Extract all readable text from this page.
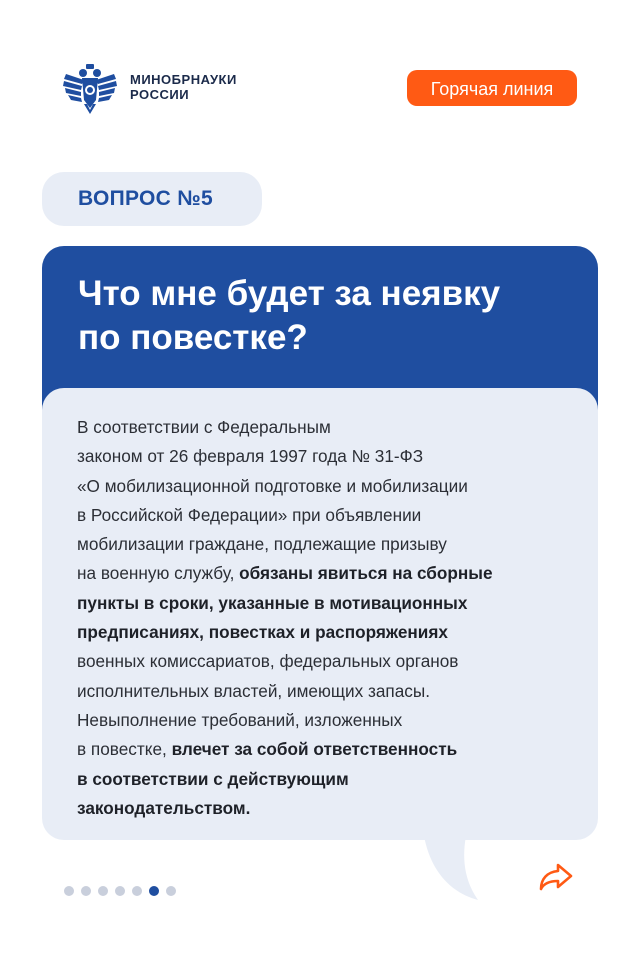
МИНОБРНАУКИ
РОССИИ	Горячая линия
ВОПРОС №5
Что мне будет за неявку
по повестке?
В соответствии с Федеральным
законом от 26 февраля 1997 года № 31-ФЗ
«О мобилизационной подготовке и мобилизации
в Российской Федерации» при объявлении
мобилизации граждане, подлежащие призыву
на военную службу, обязаны явиться на сборные
пункты в сроки, указанные в мотивационных
предписаниях, повестках и распоряжениях
военных комиссариатов, федеральных органов
исполнительных властей, имеющих запасы.
Невыполнение требований, изложенных
в повестке, влечет за собой ответственность
в соответствии с действующим
законодательством.
